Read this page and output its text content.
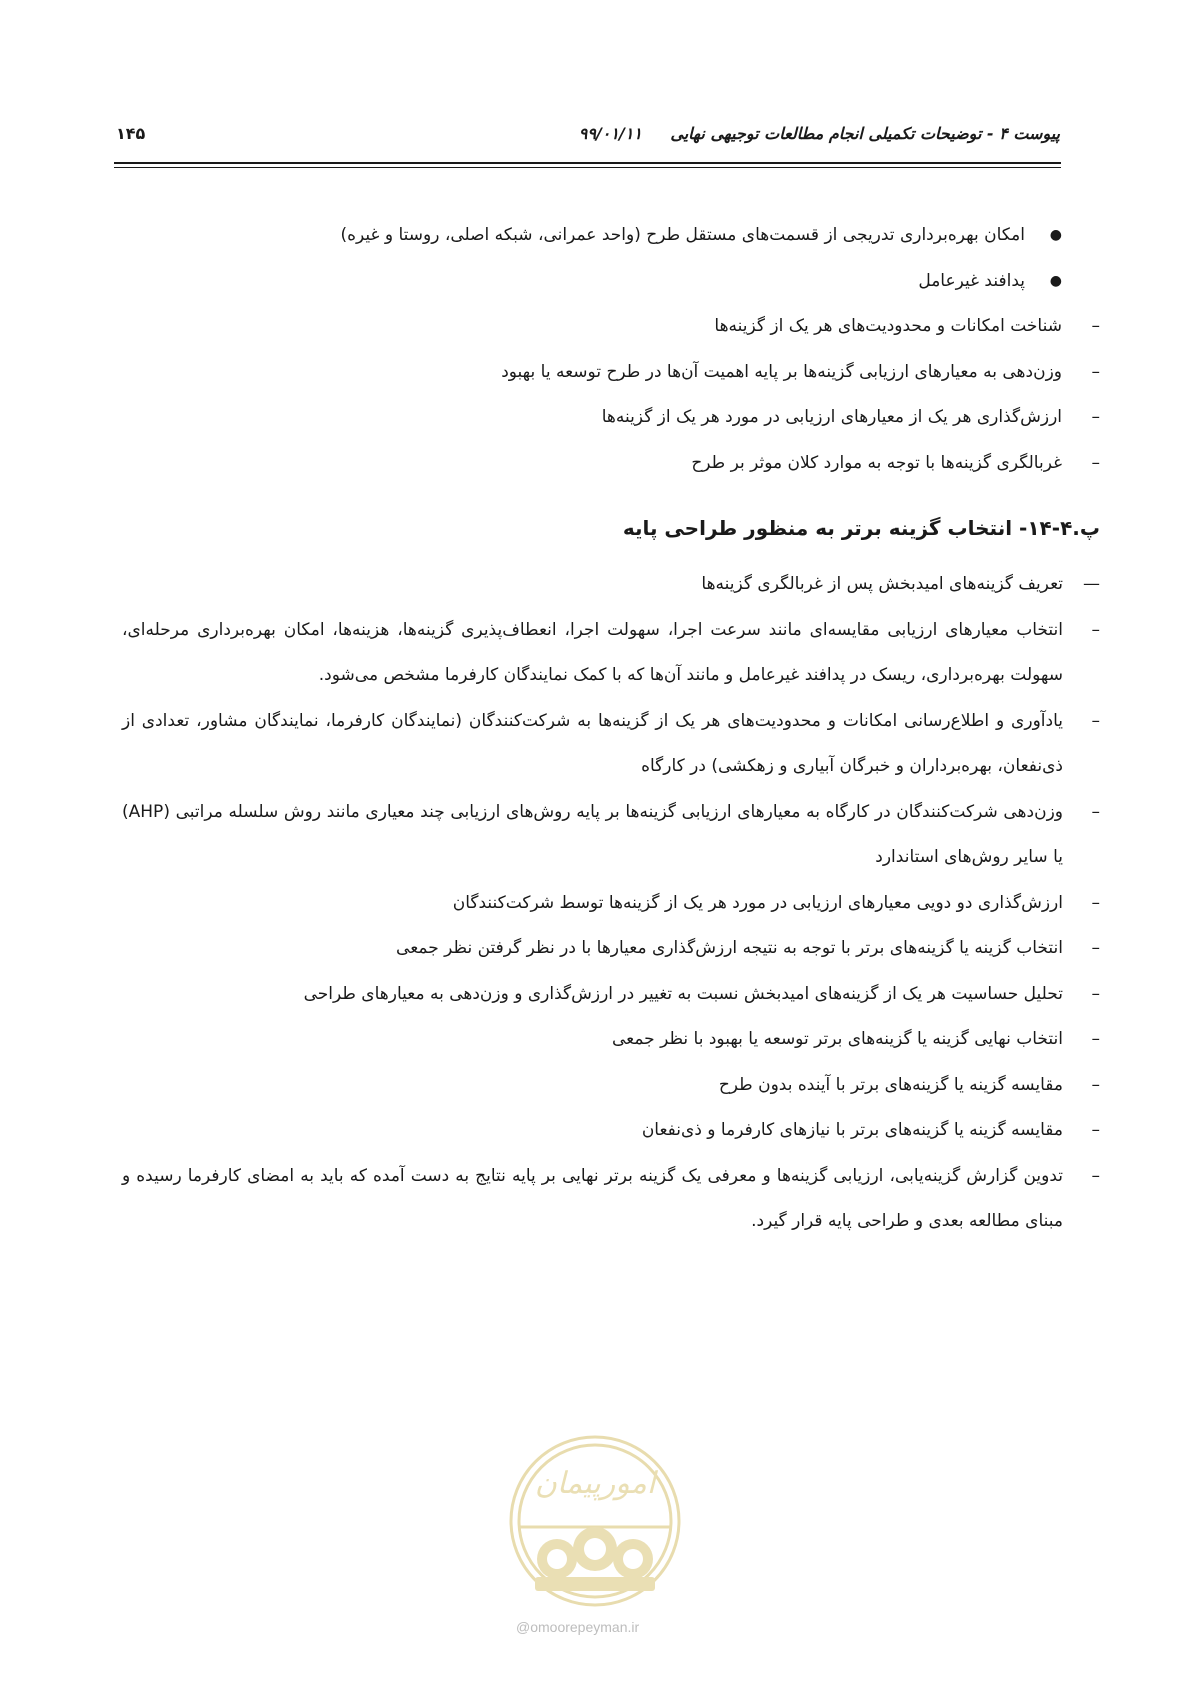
پیوست ۴ - توضیحات تکمیلی انجام مطالعات توجیهی نهایی
۹۹/۰۱/۱۱
۱۴۵
●
امکان بهره‌برداری تدریجی از قسمت‌های مستقل طرح (واحد عمرانی، شبکه اصلی، روستا و غیره)
●
پدافند غیرعامل
–
شناخت امکانات و محدودیت‌های هر یک از گزینه‌ها
–
وزن‌دهی به معیارهای ارزیابی گزینه‌ها بر پایه اهمیت آن‌ها در طرح توسعه یا بهبود
–
ارزش‌گذاری هر یک از معیارهای ارزیابی در مورد هر یک از گزینه‌ها
–
غربالگری گزینه‌ها با توجه به موارد کلان موثر بر طرح
پ.۴-۱۴- انتخاب گزینه برتر به منظور طراحی پایه
—
تعریف گزینه‌های امیدبخش پس از غربالگری گزینه‌ها
–
انتخاب معیارهای ارزیابی مقایسه‌ای مانند سرعت اجرا، سهولت اجرا، انعطاف‌پذیری گزینه‌ها، هزینه‌ها، امکان بهره‌برداری مرحله‌ای، سهولت بهره‌برداری، ریسک در پدافند غیرعامل و مانند آن‌ها که با کمک نمایندگان کارفرما مشخص می‌شود.
–
یادآوری و اطلاع‌رسانی امکانات و محدودیت‌های هر یک از گزینه‌ها به شرکت‌کنندگان (نمایندگان کارفرما، نمایندگان مشاور، تعدادی از ذی‌نفعان، بهره‌برداران و خبرگان آبیاری و زهکشی) در کارگاه
–
وزن‌دهی شرکت‌کنندگان در کارگاه به معیارهای ارزیابی گزینه‌ها بر پایه روش‌های ارزیابی چند معیاری مانند روش سلسله مراتبی (AHP) یا سایر روش‌های استاندارد
–
ارزش‌گذاری دو دویی معیارهای ارزیابی در مورد هر یک از گزینه‌ها توسط شرکت‌کنندگان
–
انتخاب گزینه یا گزینه‌های برتر با توجه به نتیجه ارزش‌گذاری معیارها با در نظر گرفتن نظر جمعی
–
تحلیل حساسیت هر یک از گزینه‌های امیدبخش نسبت به تغییر در ارزش‌گذاری و وزن‌دهی به معیارهای طراحی
–
انتخاب نهایی گزینه یا گزینه‌های برتر توسعه یا بهبود با نظر جمعی
–
مقایسه گزینه یا گزینه‌های برتر با آینده بدون طرح
–
مقایسه گزینه یا گزینه‌های برتر با نیازهای کارفرما و ذی‌نفعان
–
تدوین گزارش گزینه‌یابی، ارزیابی گزینه‌ها و معرفی یک گزینه برتر نهایی بر پایه نتایج به دست آمده که باید به امضای کارفرما رسیده و مبنای مطالعه بعدی و طراحی پایه قرار گیرد.
امورپیمان
@omoorepeyman.ir
